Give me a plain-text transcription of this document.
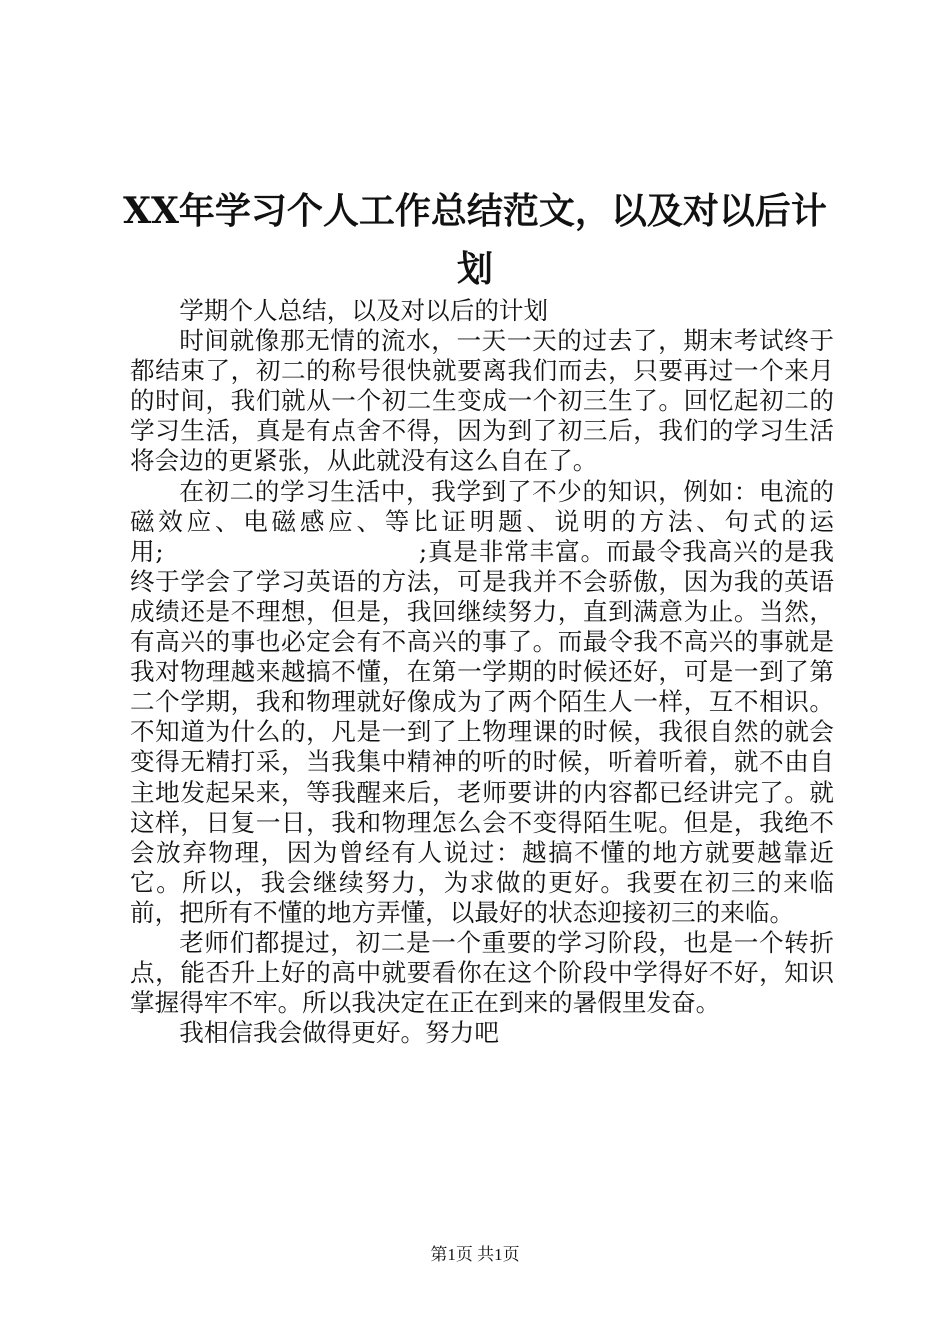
XX年学习个人工作总结范文，以及对以后计划

学期个人总结，以及对以后的计划

时间就像那无情的流水，一天一天的过去了，期末考试终于都结束了，初二的称号很快就要离我们而去，只要再过一个来月的时间，我们就从一个初二生变成一个初三生了。回忆起初二的学习生活，真是有点舍不得，因为到了初三后，我们的学习生活将会边的更紧张，从此就没有这么自在了。

在初二的学习生活中，我学到了不少的知识，例如：电流的磁效应、电磁感应、等比证明题、说明的方法、句式的运用;　　　　　　　　　　;真是非常丰富。而最令我高兴的是我终于学会了学习英语的方法，可是我并不会骄傲，因为我的英语成绩还是不理想，但是，我回继续努力，直到满意为止。当然，有高兴的事也必定会有不高兴的事了。而最令我不高兴的事就是我对物理越来越搞不懂，在第一学期的时候还好，可是一到了第二个学期，我和物理就好像成为了两个陌生人一样，互不相识。不知道为什么的，凡是一到了上物理课的时候，我很自然的就会变得无精打采，当我集中精神的听的时候，听着听着，就不由自主地发起呆来，等我醒来后，老师要讲的内容都已经讲完了。就这样，日复一日，我和物理怎么会不变得陌生呢。但是，我绝不会放弃物理，因为曾经有人说过：越搞不懂的地方就要越靠近它。所以，我会继续努力，为求做的更好。我要在初三的来临前，把所有不懂的地方弄懂，以最好的状态迎接初三的来临。

老师们都提过，初二是一个重要的学习阶段，也是一个转折点，能否升上好的高中就要看你在这个阶段中学得好不好，知识掌握得牢不牢。所以我决定在正在到来的暑假里发奋。

我相信我会做得更好。努力吧

第1页 共1页
